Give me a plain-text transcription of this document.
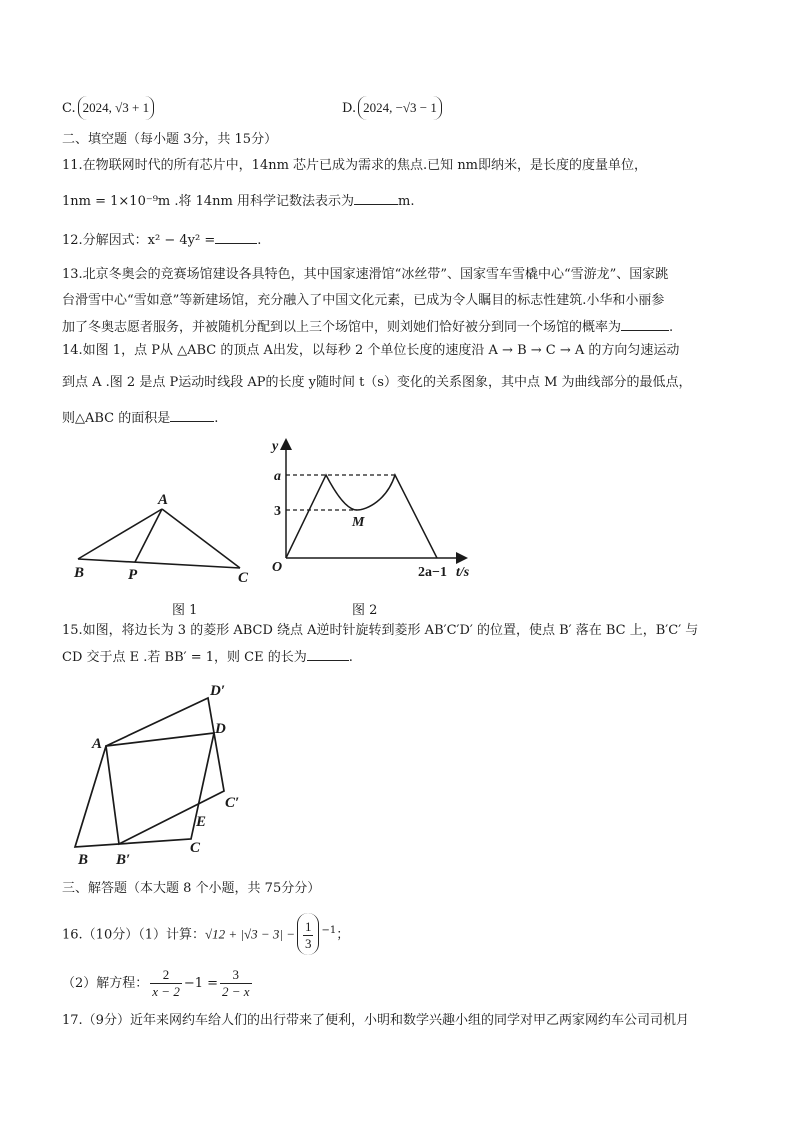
C. 2024, √3 + 1	D. 2024, −√3 − 1
二、填空题（每小题 3分，共 15分）
11.在物联网时代的所有芯片中，14nm 芯片已成为需求的焦点.已知 nm即纳米，是长度的度量单位，
1nm = 1×10⁻⁹m .将 14nm 用科学记数法表示为	m.
12.分解因式：x² − 4y² =	.
13.北京冬奥会的竞赛场馆建设各具特色，其中国家速滑馆“冰丝带”、国家雪车雪橇中心“雪游龙”、国家跳
台滑雪中心“雪如意”等新建场馆，充分融入了中国文化元素，已成为令人瞩目的标志性建筑.小华和小丽参
加了冬奥志愿者服务，并被随机分配到以上三个场馆中，则刘她们恰好被分到同一个场馆的概率为	.
14.如图 1，点 P从 △ABC 的顶点 A出发，以每秒 2 个单位长度的速度沿 A → B → C → A 的方向匀速运动
到点 A .图 2 是点 P运动时线段 AP的长度 y随时间 t（s）变化的关系图象，其中点 M 为曲线部分的最低点，
则△ABC 的面积是	.
A
B	P	C
图 1
y
a
3
M
O	2a−1 t/s
图 2
15.如图，将边长为 3 的菱形 ABCD 绕点 A逆时针旋转到菱形 AB′C′D′ 的位置，使点 B′ 落在 BC 上，B′C′ 与
CD 交于点 E .若 BB′ = 1，则 CE 的长为	.
A
B B′
C
D
D′
C′
E
三、解答题（本大题 8 个小题，共 75分分）
16.（10分）（1）计算：$√12 + |√3 - 3| - \frac{1}{3} ^{-1}$；
（2）解方程： $\frac{2}{x - 2} -1 = \frac{3}{2 - x}$
17.（9分）近年来网约车给人们的出行带来了便利，小明和数学兴趣小组的同学对甲乙两家网约车公司司机月
